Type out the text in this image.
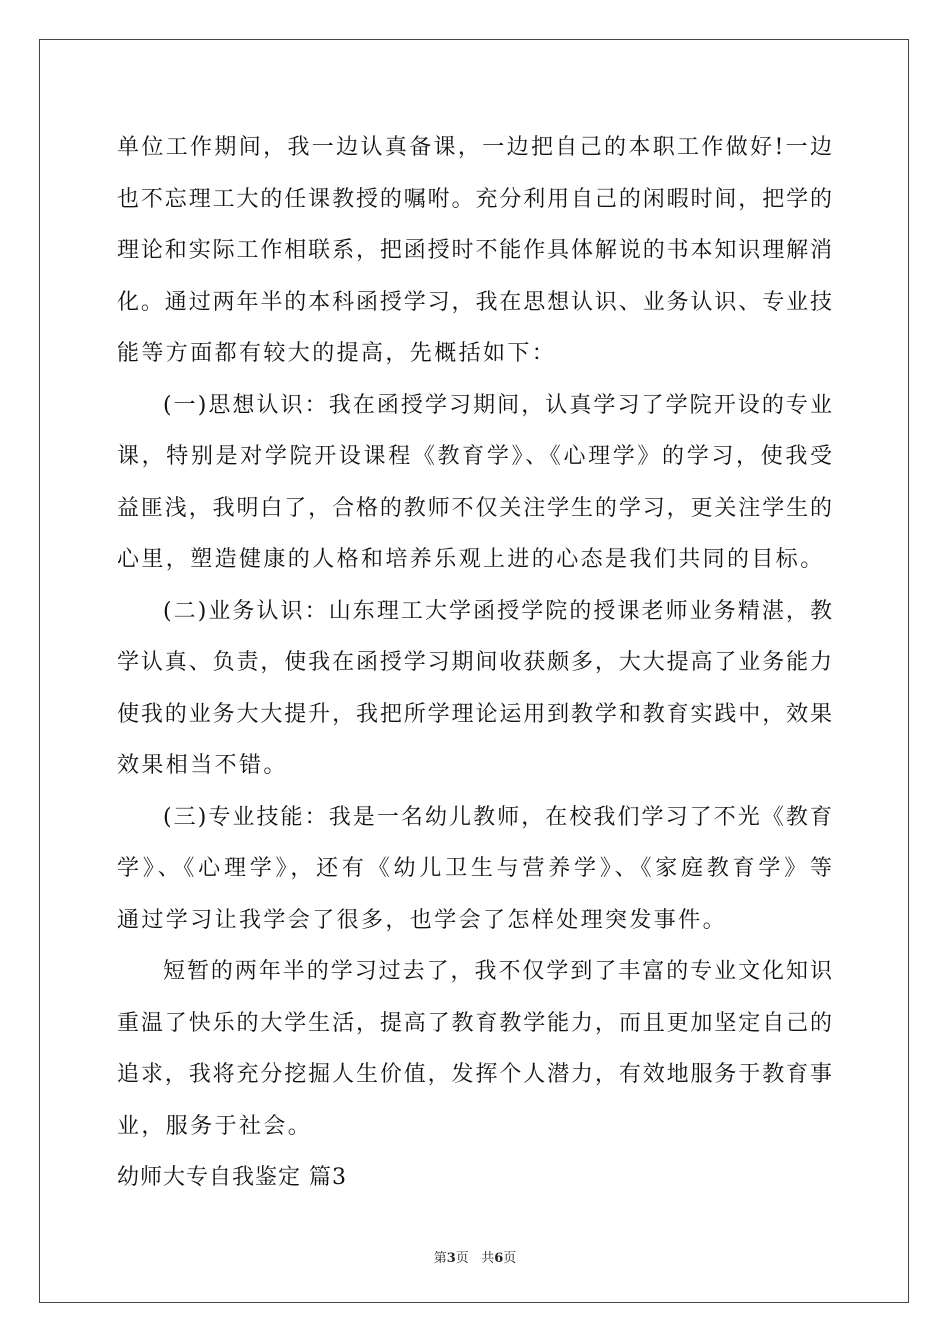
单位工作期间，我一边认真备课，一边把自己的本职工作做好!一边
也不忘理工大的任课教授的嘱咐。充分利用自己的闲暇时间，把学的
理论和实际工作相联系，把函授时不能作具体解说的书本知识理解消
化。通过两年半的本科函授学习，我在思想认识、业务认识、专业技
能等方面都有较大的提高，先概括如下：
(一)思想认识：我在函授学习期间，认真学习了学院开设的专业
课，特别是对学院开设课程《教育学》、《心理学》的学习，使我受
益匪浅，我明白了，合格的教师不仅关注学生的学习，更关注学生的
心里，塑造健康的人格和培养乐观上进的心态是我们共同的目标。
(二)业务认识：山东理工大学函授学院的授课老师业务精湛，教
学认真、负责，使我在函授学习期间收获颇多，大大提高了业务能力
使我的业务大大提升，我把所学理论运用到教学和教育实践中，效果
效果相当不错。
(三)专业技能：我是一名幼儿教师，在校我们学习了不光《教育
学》、《心理学》，还有《幼儿卫生与营养学》、《家庭教育学》等
通过学习让我学会了很多，也学会了怎样处理突发事件。
短暂的两年半的学习过去了，我不仅学到了丰富的专业文化知识
重温了快乐的大学生活，提高了教育教学能力，而且更加坚定自己的
追求，我将充分挖掘人生价值，发挥个人潜力，有效地服务于教育事
业，服务于社会。
幼师大专自我鉴定 篇3
第3页   共6页
